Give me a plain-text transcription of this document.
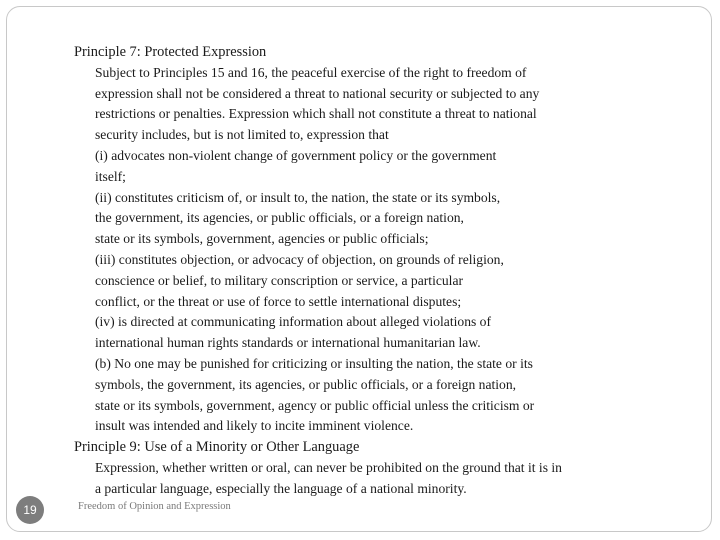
Principle 7: Protected Expression

Subject to Principles 15 and 16, the peaceful exercise of the right to freedom of

expression shall not be considered a threat to national security or subjected to any

restrictions or penalties. Expression which shall not constitute a threat to national

security includes, but is not limited to, expression that

(i) advocates non-violent change of government policy or the government

itself;

(ii) constitutes criticism of, or insult to, the nation, the state or its symbols,

the government, its agencies, or public officials, or a foreign nation,

state or its symbols, government, agencies or public officials;

(iii) constitutes objection, or advocacy of objection, on grounds of religion,

conscience or belief, to military conscription or service, a particular

conflict, or the threat or use of force to settle international disputes;

(iv) is directed at communicating information about alleged violations of

international human rights standards or international humanitarian law.

(b) No one may be punished for criticizing or insulting the nation, the state or its

symbols, the government, its agencies, or public officials, or a foreign nation,

state or its symbols, government, agency or public official unless the criticism or

insult was intended and likely to incite imminent violence.

Principle 9: Use of a Minority or Other Language

Expression, whether written or oral, can never be prohibited on the ground that it is in

a particular language, especially the language of a national minority.

Freedom of Opinion and Expression
19
